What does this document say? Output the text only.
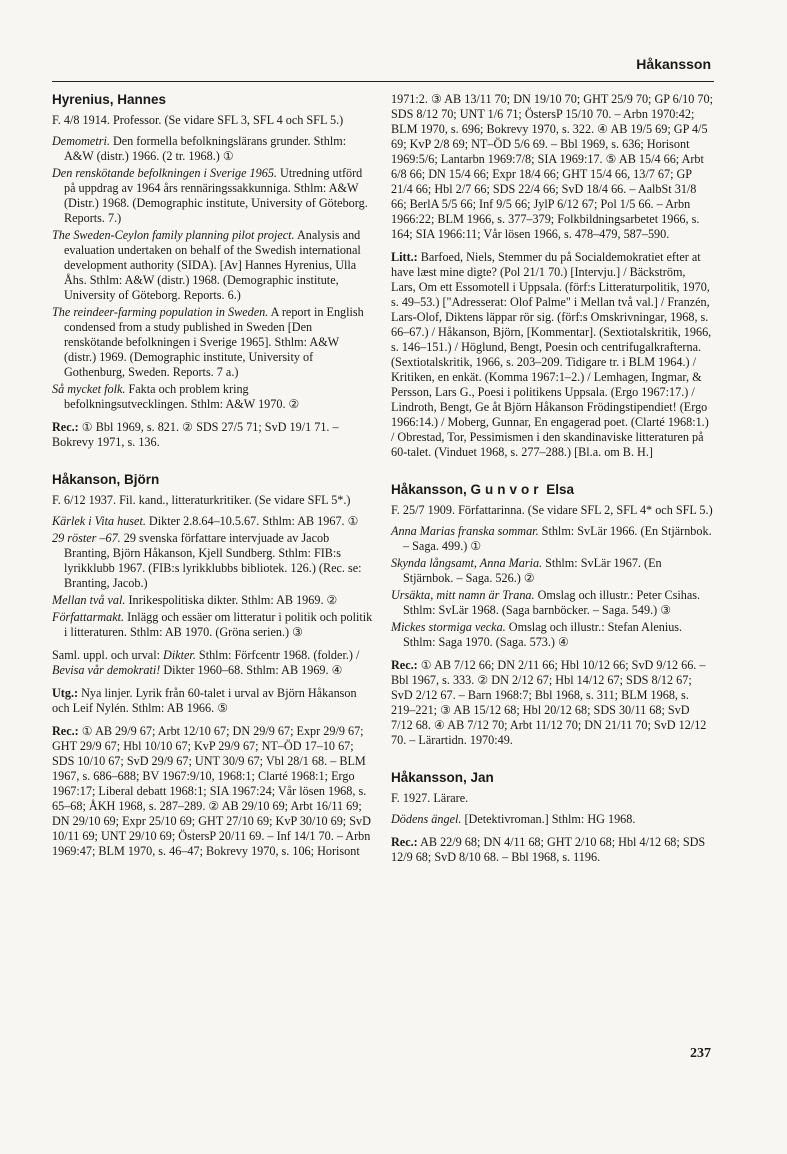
Håkansson
Hyrenius, Hannes
F. 4/8 1914. Professor. (Se vidare SFL 3, SFL 4 och SFL 5.)
Demometri. Den formella befolkningslärans grunder. Sthlm: A&W (distr.) 1966. (2 tr. 1968.) ①
Den renskötande befolkningen i Sverige 1965. Utredning utförd på uppdrag av 1964 års rennäringssakkunniga. Sthlm: A&W (Distr.) 1968. (Demographic institute, University of Göteborg. Reports. 7.)
The Sweden-Ceylon family planning pilot project. Analysis and evaluation undertaken on behalf of the Swedish international development authority (SIDA). [Av] Hannes Hyrenius, Ulla Åhs. Sthlm: A&W (distr.) 1968. (Demographic institute, University of Göteborg. Reports. 6.)
The reindeer-farming population in Sweden. A report in English condensed from a study published in Sweden [Den renskötande befolkningen i Sverige 1965]. Sthlm: A&W (distr.) 1969. (Demographic institute, University of Gothenburg, Sweden. Reports. 7 a.)
Så mycket folk. Fakta och problem kring befolkningsutvecklingen. Sthlm: A&W 1970. ②
Rec.: ① Bbl 1969, s. 821. ② SDS 27/5 71; SvD 19/1 71. – Bokrevy 1971, s. 136.
Håkanson, Björn
F. 6/12 1937. Fil. kand., litteraturkritiker. (Se vidare SFL 5*.)
Kärlek i Vita huset. Dikter 2.8.64–10.5.67. Sthlm: AB 1967. ①
29 röster –67. 29 svenska författare intervjuade av Jacob Branting, Björn Håkanson, Kjell Sundberg. Sthlm: FIB:s lyrikklubb 1967. (FIB:s lyrikklubbs bibliotek. 126.) (Rec. se: Branting, Jacob.)
Mellan två val. Inrikespolitiska dikter. Sthlm: AB 1969. ②
Författarmakt. Inlägg och essäer om litteratur i politik och politik i litteraturen. Sthlm: AB 1970. (Gröna serien.) ③
Saml. uppl. och urval: Dikter. Sthlm: Förfcentr 1968. (folder.) / Bevisa vår demokrati! Dikter 1960–68. Sthlm: AB 1969. ④
Utg.: Nya linjer. Lyrik från 60-talet i urval av Björn Håkanson och Leif Nylén. Sthlm: AB 1966. ⑤
Rec.: ① AB 29/9 67; Arbt 12/10 67; DN 29/9 67; Expr 29/9 67; GHT 29/9 67; Hbl 10/10 67; KvP 29/9 67; NT–ÖD 17–10 67; SDS 10/10 67; SvD 29/9 67; UNT 30/9 67; Vbl 28/1 68. – BLM 1967, s. 686–688; BV 1967:9/10, 1968:1; Clarté 1968:1; Ergo 1967:17; Liberal debatt 1968:1; SIA 1967:24; Vår lösen 1968, s. 65–68; ÅKH 1968, s. 287–289. ② AB 29/10 69; Arbt 16/11 69; DN 29/10 69; Expr 25/10 69; GHT 27/10 69; KvP 30/10 69; SvD 10/11 69; UNT 29/10 69; ÖstersP 20/11 69. – Inf 14/1 70. – Arbn 1969:47; BLM 1970, s. 46–47; Bokrevy 1970, s. 106; Horisont
1971:2. ③ AB 13/11 70; DN 19/10 70; GHT 25/9 70; GP 6/10 70; SDS 8/12 70; UNT 1/6 71; ÖstersP 15/10 70. – Arbn 1970:42; BLM 1970, s. 696; Bokrevy 1970, s. 322. ④ AB 19/5 69; GP 4/5 69; KvP 2/8 69; NT–ÖD 5/6 69. – Bbl 1969, s. 636; Horisont 1969:5/6; Lantarbn 1969:7/8; SIA 1969:17. ⑤ AB 15/4 66; Arbt 6/8 66; DN 15/4 66; Expr 18/4 66; GHT 15/4 66, 13/7 67; GP 21/4 66; Hbl 2/7 66; SDS 22/4 66; SvD 18/4 66. – AalbSt 31/8 66; BerlA 5/5 66; Inf 9/5 66; JylP 6/12 67; Pol 1/5 66. – Arbn 1966:22; BLM 1966, s. 377–379; Folkbildningsarbetet 1966, s. 164; SIA 1966:11; Vår lösen 1966, s. 478–479, 587–590.
Litt.: Barfoed, Niels, Stemmer du på Socialdemokratiet efter at have læst mine digte? (Pol 21/1 70.) [Intervju.] / Bäckström, Lars, Om ett Essomotell i Uppsala. (förf:s Litteraturpolitik, 1970, s. 49–53.) ["Adresserat: Olof Palme" i Mellan två val.] / Franzén, Lars-Olof, Diktens läppar rör sig. (förf:s Omskrivningar, 1968, s. 66–67.) / Håkanson, Björn, [Kommentar]. (Sextiotalskritik, 1966, s. 146–151.) / Höglund, Bengt, Poesin och centrifugalkrafterna. (Sextiotalskritik, 1966, s. 203–209. Tidigare tr. i BLM 1964.) / Kritiken, en enkät. (Komma 1967:1–2.) / Lemhagen, Ingmar, & Persson, Lars G., Poesi i politikens Uppsala. (Ergo 1967:17.) / Lindroth, Bengt, Ge åt Björn Håkanson Frödingstipendiet! (Ergo 1966:14.) / Moberg, Gunnar, En engagerad poet. (Clarté 1968:1.) / Obrestad, Tor, Pessimismen i den skandinaviske litteraturen på 60-talet. (Vinduet 1968, s. 277–288.) [Bl.a. om B. H.]
Håkansson, Gunvor Elsa
F. 25/7 1909. Författarinna. (Se vidare SFL 2, SFL 4* och SFL 5.)
Anna Marias franska sommar. Sthlm: SvLär 1966. (En Stjärnbok. – Saga. 499.) ①
Skynda långsamt, Anna Maria. Sthlm: SvLär 1967. (En Stjärnbok. – Saga. 526.) ②
Ursäkta, mitt namn är Trana. Omslag och illustr.: Peter Csihas. Sthlm: SvLär 1968. (Saga barnböcker. – Saga. 549.) ③
Mickes stormiga vecka. Omslag och illustr.: Stefan Alenius. Sthlm: Saga 1970. (Saga. 573.) ④
Rec.: ① AB 7/12 66; DN 2/11 66; Hbl 10/12 66; SvD 9/12 66. – Bbl 1967, s. 333. ② DN 2/12 67; Hbl 14/12 67; SDS 8/12 67; SvD 2/12 67. – Barn 1968:7; Bbl 1968, s. 311; BLM 1968, s. 219–221; ③ AB 15/12 68; Hbl 20/12 68; SDS 30/11 68; SvD 7/12 68. ④ AB 7/12 70; Arbt 11/12 70; DN 21/11 70; SvD 12/12 70. – Lärartidn. 1970:49.
Håkansson, Jan
F. 1927. Lärare.
Dödens ängel. [Detektivroman.] Sthlm: HG 1968.
Rec.: AB 22/9 68; DN 4/11 68; GHT 2/10 68; Hbl 4/12 68; SDS 12/9 68; SvD 8/10 68. – Bbl 1968, s. 1196.
237
